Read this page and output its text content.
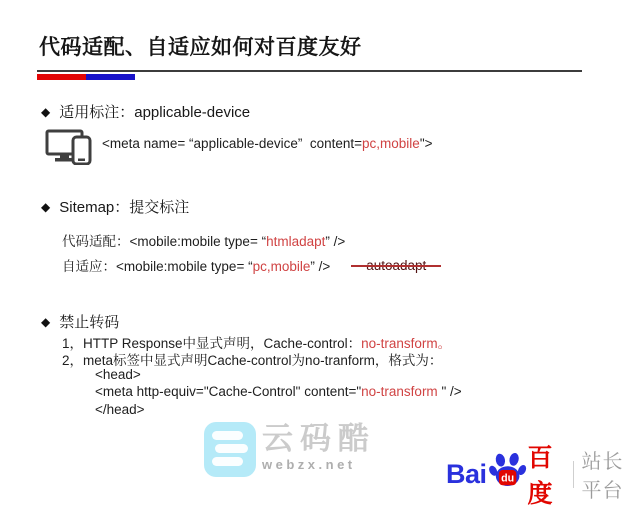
代码适配、自适应如何对百度友好
◆ 适用标注：applicable-device
<meta name= “applicable-device”  content=pc,mobile">
◆ Sitemap：提交标注
代码适配：<mobile:mobile type= “htmladapt” />
自适应：<mobile:mobile type= “pc,mobile” />
◆ 禁止转码
1，HTTP Response中显式声明，Cache-control：no-transform。
2，meta标签中显式声明Cache-control为no-tranform，格式为：
<head>
<meta http-equiv="Cache-Control" content="no-transform " />
</head>
云码酷
webzx.net	Bai du
百度
站长平台
